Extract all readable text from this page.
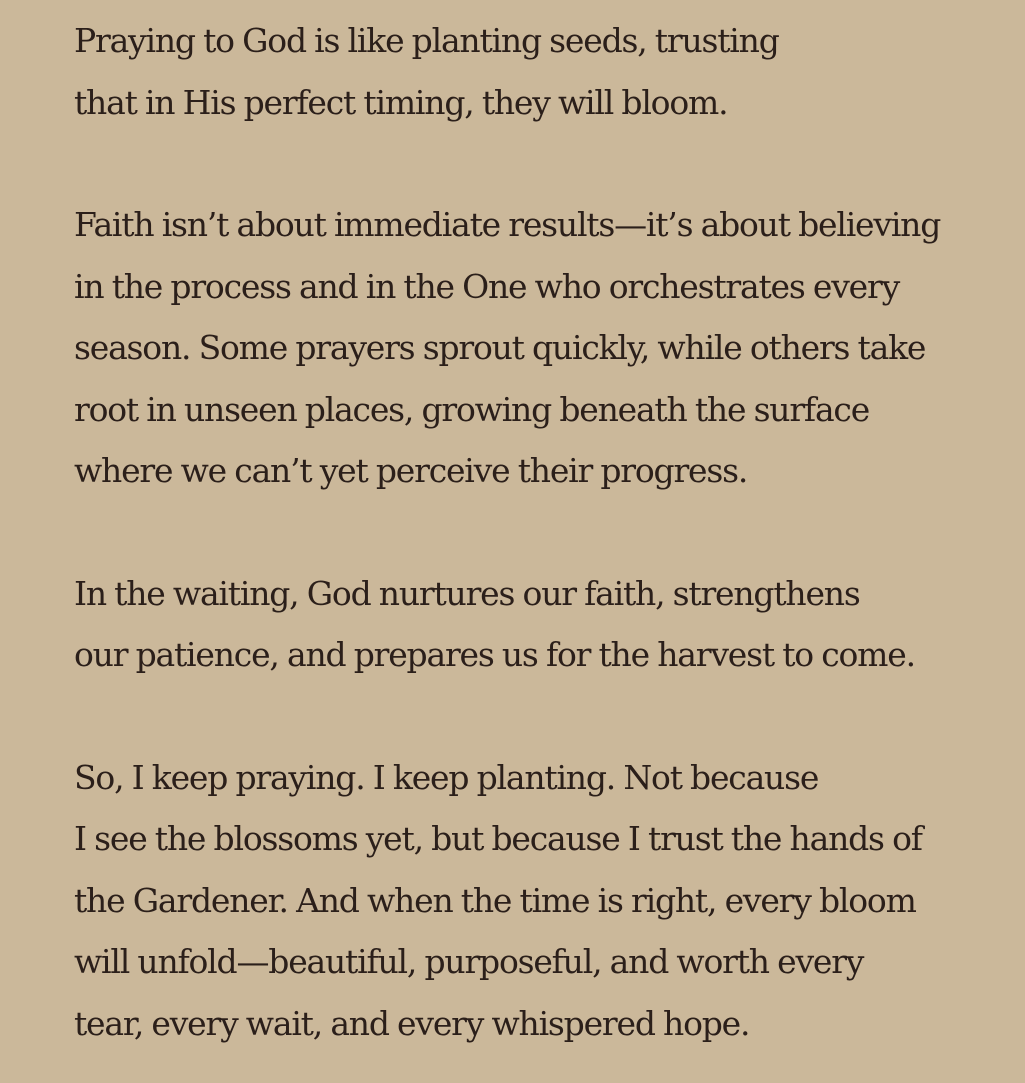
Praying to God is like planting seeds, trusting
that in His perfect timing, they will bloom.

Faith isn’t about immediate results—it’s about believing
in the process and in the One who orchestrates every
season. Some prayers sprout quickly, while others take
root in unseen places, growing beneath the surface
where we can’t yet perceive their progress.

In the waiting, God nurtures our faith, strengthens
our patience, and prepares us for the harvest to come.

So, I keep praying. I keep planting. Not because
I see the blossoms yet, but because I trust the hands of
the Gardener. And when the time is right, every bloom
will unfold—beautiful, purposeful, and worth every
tear, every wait, and every whispered hope.
